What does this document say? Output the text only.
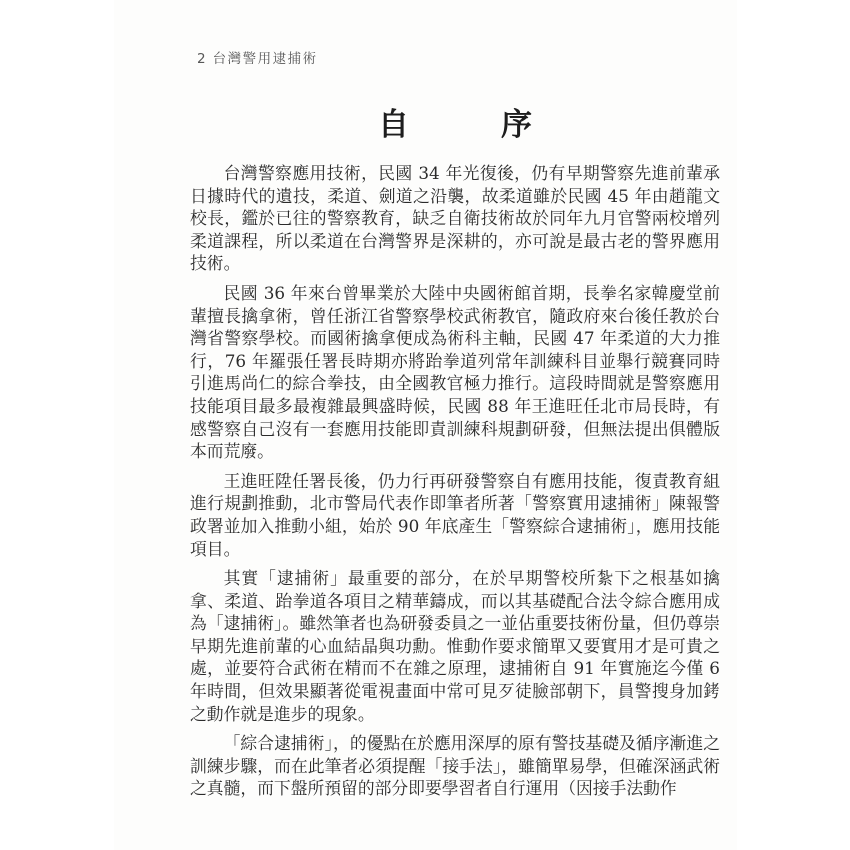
2 台灣警用逮捕術
自	序

台灣警察應用技術，民國 34 年光復後，仍有早期警察先進前輩承日據時代的遺技，柔道、劍道之沿襲，故柔道雖於民國 45 年由趙龍文校長，鑑於已往的警察教育，缺乏自衛技術故於同年九月官警兩校增列柔道課程，所以柔道在台灣警界是深耕的，亦可說是最古老的警界應用技術。

民國 36 年來台曾畢業於大陸中央國術館首期，長拳名家韓慶堂前輩擅長擒拿術，曾任浙江省警察學校武術教官，隨政府來台後任教於台灣省警察學校。而國術擒拿便成為術科主軸，民國 47 年柔道的大力推行，76 年羅張任署長時期亦將跆拳道列常年訓練科目並舉行競賽同時引進馬尚仁的綜合拳技，由全國教官極力推行。這段時間就是警察應用技能項目最多最複雜最興盛時候，民國 88 年王進旺任北市局長時，有感警察自己沒有一套應用技能即責訓練科規劃研發，但無法提出俱體版本而荒廢。

王進旺陞任署長後，仍力行再研發警察自有應用技能，復責教育組進行規劃推動，北市警局代表作即筆者所著「警察實用逮捕術」陳報警政署並加入推動小組，始於 90 年底產生「警察綜合逮捕術」，應用技能項目。

其實「逮捕術」最重要的部分，在於早期警校所紮下之根基如擒拿、柔道、跆拳道各項目之精華鑄成，而以其基礎配合法令綜合應用成為「逮捕術」。雖然筆者也為研發委員之一並佔重要技術份量，但仍尊崇早期先進前輩的心血結晶與功勳。惟動作要求簡單又要實用才是可貴之處，並要符合武術在精而不在雜之原理，逮捕術自 91 年實施迄今僅 6 年時間，但效果顯著從電視畫面中常可見歹徒臉部朝下，員警搜身加銬之動作就是進步的現象。

「綜合逮捕術」，的優點在於應用深厚的原有警技基礎及循序漸進之訓練步驟，而在此筆者必須提醒「接手法」，雖簡單易學，但確深涵武術之真髓，而下盤所預留的部分即要學習者自行運用（因接手法動作
